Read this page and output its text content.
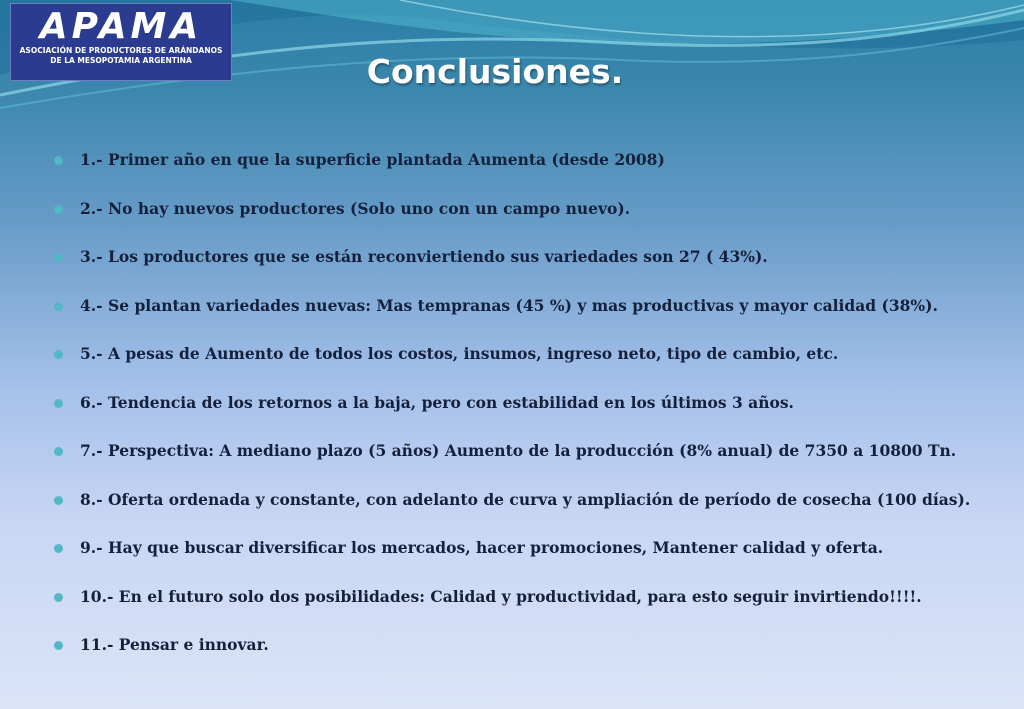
APAMA
ASOCIACIÓN DE PRODUCTORES DE ARÁNDANOS DE LA MESOPOTAMIA ARGENTINA	Conclusiones.
1.- Primer año en que la superficie plantada Aumenta (desde 2008)
2.- No hay nuevos productores (Solo uno con un campo nuevo).
3.- Los productores que se están reconviertiendo sus variedades son 27 ( 43%).
4.- Se plantan variedades nuevas: Mas tempranas (45 %) y mas productivas y mayor calidad (38%).
5.- A pesas de Aumento de todos los costos, insumos, ingreso neto, tipo de cambio, etc.
6.- Tendencia de los retornos a la baja, pero con estabilidad en los últimos 3 años.
7.- Perspectiva: A mediano plazo (5 años) Aumento de la producción (8% anual) de 7350 a 10800 Tn.
8.- Oferta ordenada y constante, con adelanto de curva y ampliación de período de cosecha (100 días).
9.- Hay que buscar diversificar los mercados, hacer promociones, Mantener calidad y oferta.
10.- En el futuro solo dos posibilidades: Calidad y productividad, para esto seguir invirtiendo!!!!.
11.- Pensar e innovar.
